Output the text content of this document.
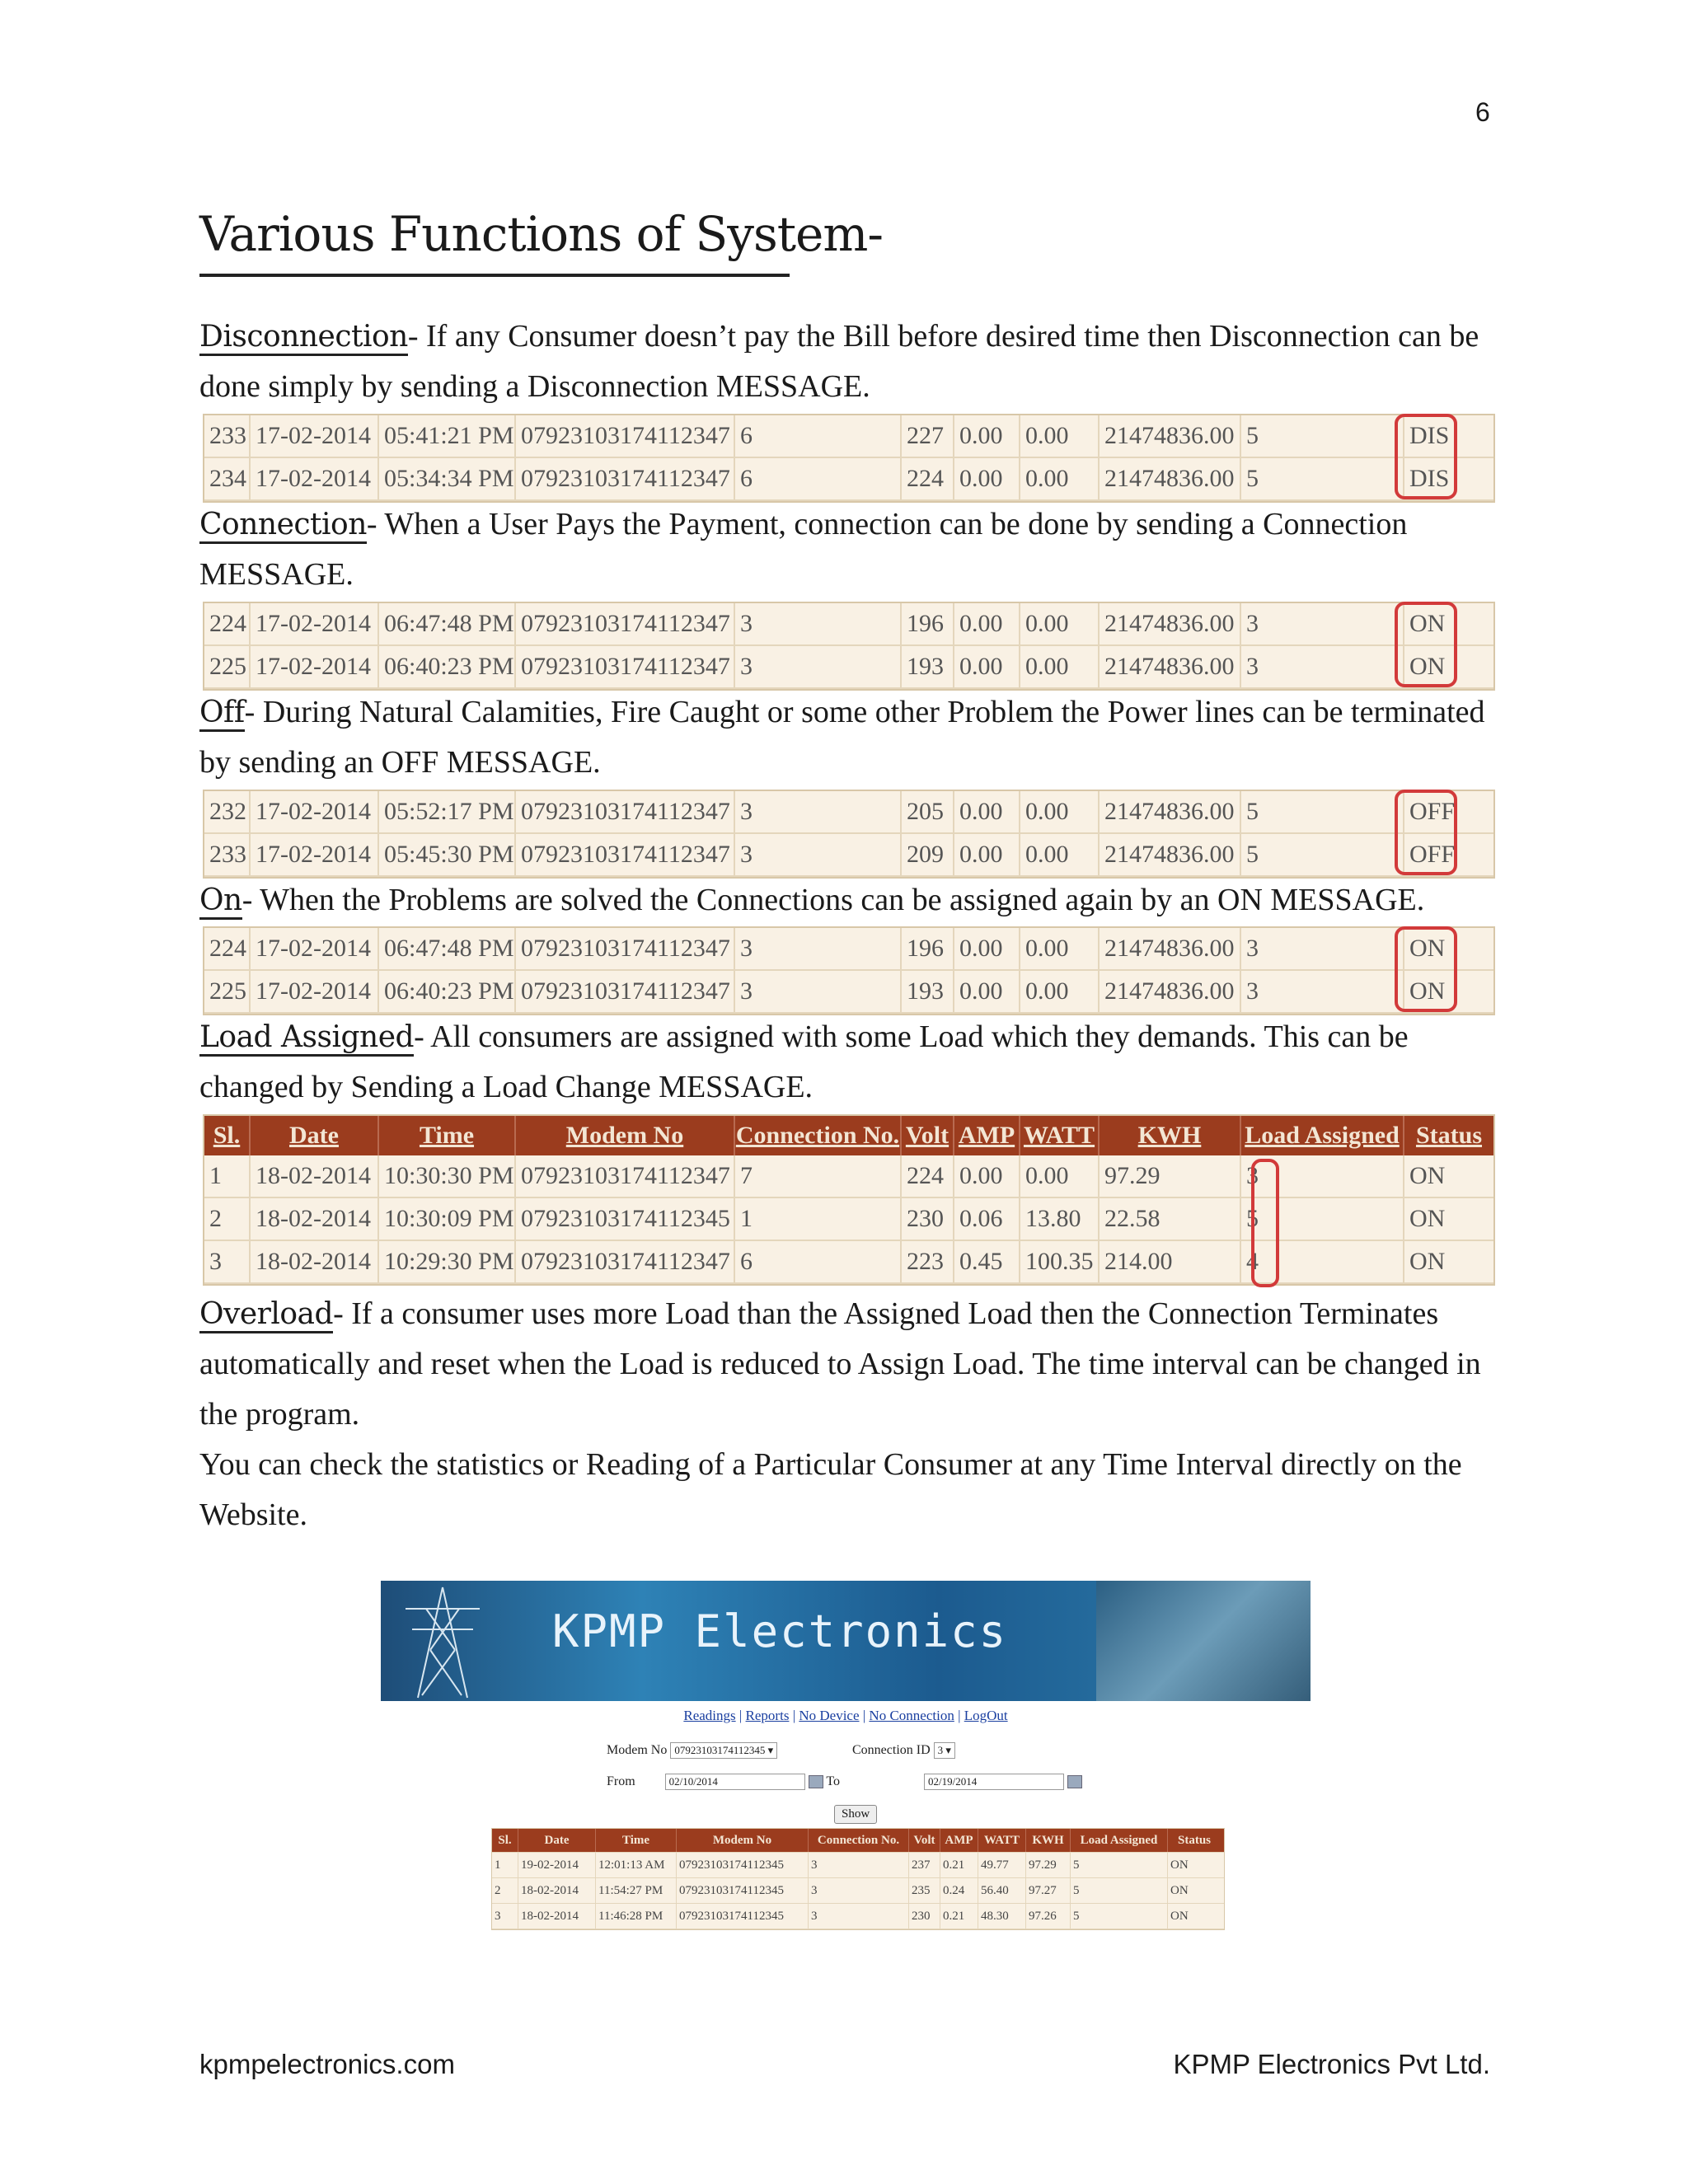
6
Various Functions of System-
Disconnection- If any Consumer doesn’t pay the Bill before desired time then Disconnection can be done simply by sending a Disconnection MESSAGE.
233 17-02-2014 05:41:21 PM 07923103174112347 6	227 0.00 0.00	21474836.00 5	DIS
234 17-02-2014 05:34:34 PM 07923103174112347 6	224 0.00 0.00	21474836.00 5	DIS
Connection- When a User Pays the Payment, connection can be done by sending a Connection MESSAGE.
224 17-02-2014 06:47:48 PM 07923103174112347 3	196 0.00 0.00	21474836.00 3	ON
225 17-02-2014 06:40:23 PM 07923103174112347 3	193 0.00 0.00	21474836.00 3	ON
Off- During Natural Calamities, Fire Caught or some other Problem the Power lines can be terminated by sending an OFF MESSAGE.
232 17-02-2014 05:52:17 PM 07923103174112347 3	205 0.00 0.00	21474836.00 5	OFF
233 17-02-2014 05:45:30 PM 07923103174112347 3	209 0.00 0.00	21474836.00 5	OFF
On- When the Problems are solved the Connections can be assigned again by an ON MESSAGE.
224 17-02-2014 06:47:48 PM 07923103174112347 3	196 0.00 0.00	21474836.00 3	ON
225 17-02-2014 06:40:23 PM 07923103174112347 3	193 0.00 0.00	21474836.00 3	ON
Load Assigned- All consumers are assigned with some Load which they demands. This can be changed by Sending a Load Change MESSAGE.
Sl.	Date	Time	Modem No	Connection No. Volt AMP WATT	KWH	Load Assigned Status
1	18-02-2014 10:30:30 PM 07923103174112347 7	224 0.00 0.00	97.29	3	ON
2	18-02-2014 10:30:09 PM 07923103174112345 1	230 0.06 13.80 22.58	5	ON
3	18-02-2014 10:29:30 PM 07923103174112347 6	223 0.45 100.35 214.00	4	ON
Overload- If a consumer uses more Load than the Assigned Load then the Connection Terminates automatically and reset when the Load is reduced to Assign Load. The time interval can be changed in the program.
You can check the statistics or Reading of a Particular Consumer at any Time Interval directly on the Website.
KPMP Electronics
Readings | Reports | No Device | No Connection | LogOut
Modem No 07923103174112345 ▾	Connection ID 3 ▾
From	02/10/2014	To	02/19/2014
Show
Sl.	Date	Time	Modem No	Connection No.	Volt AMP WATT	KWH	Load Assigned	Status
1	19-02-2014	12:01:13 AM	07923103174112345	3	237	0.21	49.77	97.29	5	ON
2	18-02-2014	11:54:27 PM	07923103174112345	3	235	0.24	56.40	97.27	5	ON
3	18-02-2014	11:46:28 PM	07923103174112345	3	230	0.21	48.30	97.26	5	ON
kpmpelectronics.com	KPMP Electronics Pvt Ltd.
